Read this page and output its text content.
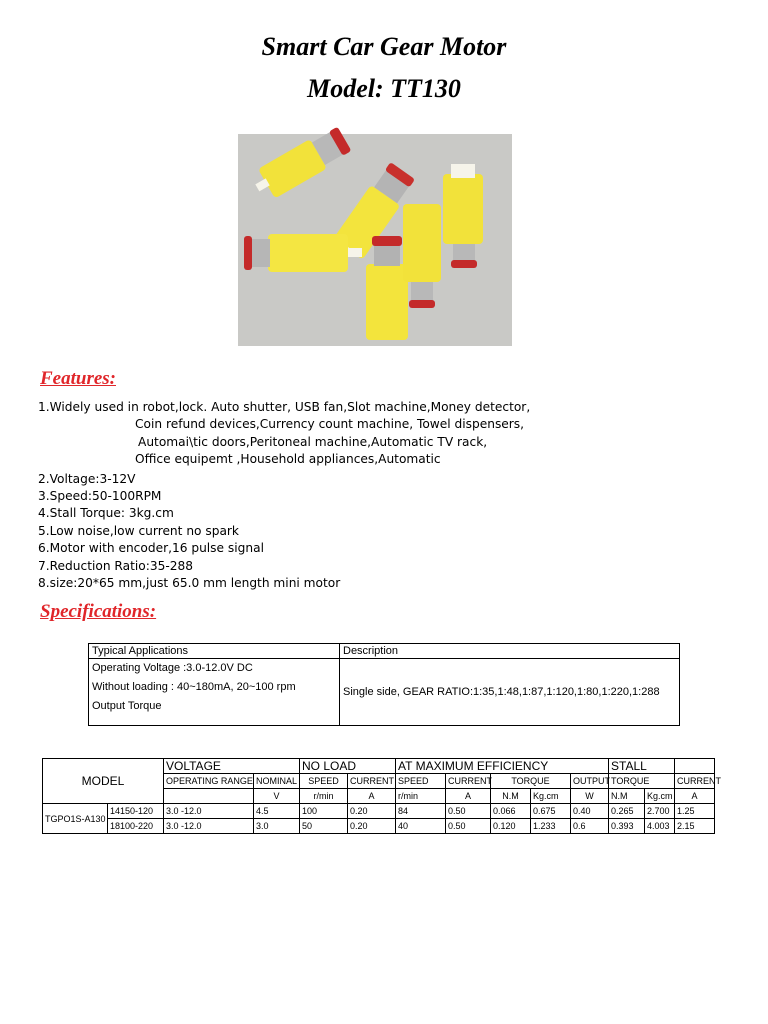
Smart Car Gear Motor
Model: TT130
Features:
1.Widely used in robot,lock. Auto shutter, USB fan,Slot machine,Money detector,
Coin refund devices,Currency count machine, Towel dispensers,
Automai\tic doors,Peritoneal machine,Automatic TV rack,
Office equipemt ,Household appliances,Automatic
2.Voltage:3-12V
3.Speed:50-100RPM
4.Stall Torque: 3kg.cm
5.Low noise,low current no spark
6.Motor with encoder,16 pulse signal
7.Reduction Ratio:35-288
8.size:20*65 mm,just 65.0 mm length mini motor
Specifications:
Typical Applications	Description

Operating Voltage :3.0-12.0V DC
Without loading : 40~180mA, 20~100 rpm
Output Torque	Single side, GEAR RATIO:1:35,1:48,1:87,1:120,1:80,1:220,1:288
MODEL		VOLTAGE		NO LOAD		AT MAXIMUM EFFICIENCY					STALL			
		OPERATING RANGE	NOMINAL	SPEED	CURRENT	SPEED	CURRENT	TORQUE		OUTPUT	TORQUE		CURRENT	
			V	r/min	A	r/min	A	N.M	Kg.cm	W	N.M	Kg.cm	A	
TGPO1S-A130	14150-120	3.0 -12.0	4.5	100	0.20	84	0.50	0.066	0.675	0.40	0.265	2.700	1.25	
	18100-220	3.0 -12.0	3.0	50	0.20	40	0.50	0.120	1.233	0.6	0.393	4.003	2.15	
